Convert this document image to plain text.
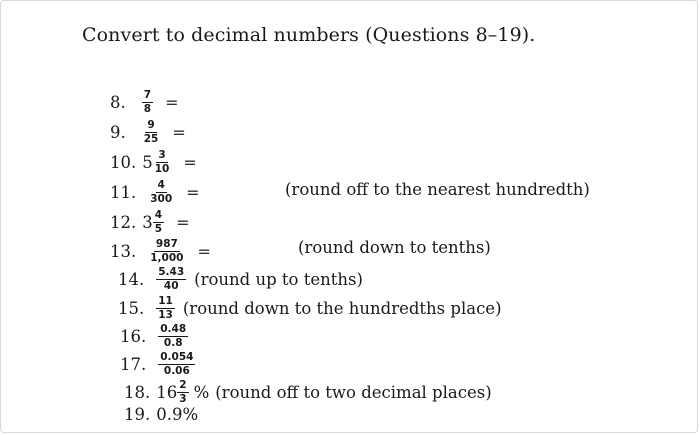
Convert to decimal numbers (Questions 8–19).
8. $\frac{7}{8}$ =
9. $\frac{9}{25}$ =
10. $5 \frac{3}{10}$ =
11. $\frac{4}{300}$ =	(round off to the nearest hundredth)
12. $3 \frac{4}{5}$ =
13. $\frac{987}{1,000}$ =	(round down to tenths)
14. $\frac{5.43}{40}$ (round up to tenths)
15. $\frac{11}{13}$ (round down to the hundredths place)
16. $\frac{0.48}{0.8}$
17. $\frac{0.054}{0.06}$
18. $16 \frac{2}{3}$ % (round off to two decimal places)
19. 0.9%
